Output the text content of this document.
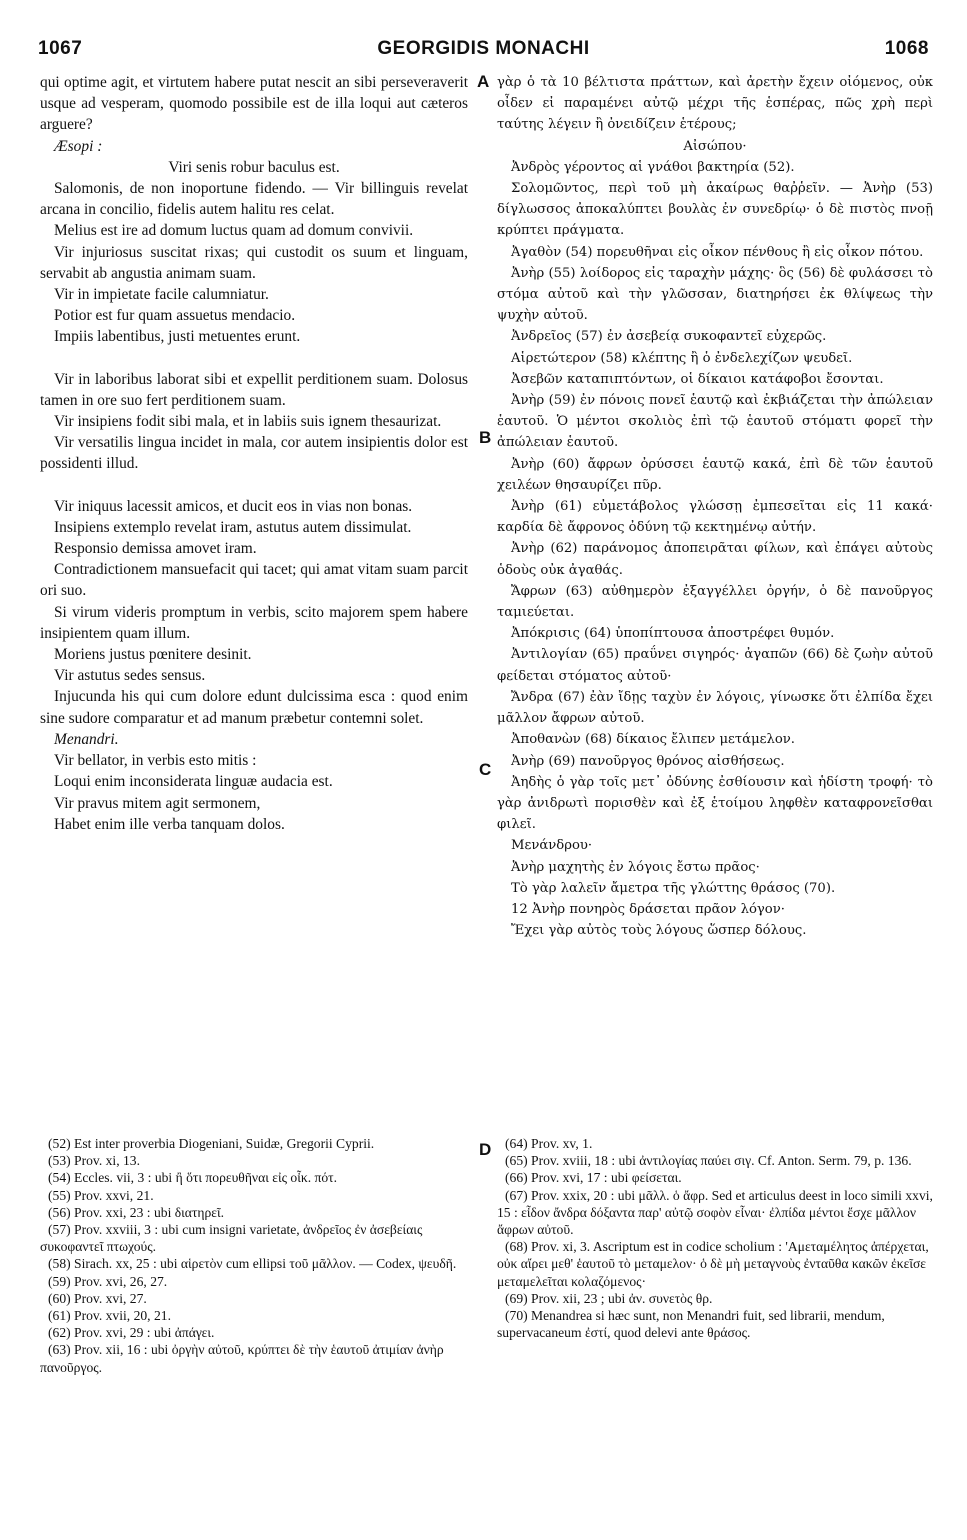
1067	GEORGIDIS MONACHI	1068
A
B
C
D

qui optime agit, et virtutem habere putat nescit an sibi perseveraverit usque ad vesperam, quomodo possibile est de illa loqui aut cæteros arguere?

Æsopi :

Viri senis robur baculus est.

Salomonis, de non inoportune fidendo. — Vir billinguis revelat arcana in concilio, fidelis autem halitu res celat.

Melius est ire ad domum luctus quam ad domum convivii.

Vir injuriosus suscitat rixas; qui custodit os suum et linguam, servabit ab angustia animam suam.

Vir in impietate facile calumniatur.

Potior est fur quam assuetus mendacio.

Impiis labentibus, justi metuentes erunt.

Vir in laboribus laborat sibi et expellit perditionem suam. Dolosus tamen in ore suo fert perditionem suam.

Vir insipiens fodit sibi mala, et in labiis suis ignem thesaurizat.

Vir versatilis lingua incidet in mala, cor autem insipientis dolor est possidenti illud.

Vir iniquus lacessit amicos, et ducit eos in vias non bonas.

Insipiens extemplo revelat iram, astutus autem dissimulat.

Responsio demissa amovet iram.

Contradictionem mansuefacit qui tacet; qui amat vitam suam parcit ori suo.

Si virum videris promptum in verbis, scito majorem spem habere insipientem quam illum.

Moriens justus pœnitere desinit.

Vir astutus sedes sensus.

Injucunda his qui cum dolore edunt dulcissima esca : quod enim sine sudore comparatur et ad manum præbetur contemni solet.

Menandri.

Vir bellator, in verbis esto mitis :

Loqui enim inconsiderata linguæ audacia est.

Vir pravus mitem agit sermonem,

Habet enim ille verba tanquam dolos.

γὰρ ὁ τὰ 10 βέλτιστα πράττων, καὶ ἀρετὴν ἔχειν οἰόμενος, οὐκ οἶδεν εἰ παραμένει αὐτῷ μέχρι τῆς ἑσπέρας, πῶς χρὴ περὶ ταύτης λέγειν ἢ ὀνειδίζειν ἑτέρους;

Αἰσώπου·

Ἀνδρὸς γέροντος αἱ γνάθοι βακτηρία (52).

Σολομῶντος, περὶ τοῦ μὴ ἀκαίρως θαῤῥεῖν. — Ἀνὴρ (53) δίγλωσσος ἀποκαλύπτει βουλὰς ἐν συνεδρίῳ· ὁ δὲ πιστὸς πνοῇ κρύπτει πράγματα.

Ἀγαθὸν (54) πορευθῆναι εἰς οἶκον πένθους ἢ εἰς οἶκον πότου.

Ἀνὴρ (55) λοίδορος εἰς ταραχὴν μάχης· ὃς (56) δὲ φυλάσσει τὸ στόμα αὐτοῦ καὶ τὴν γλῶσσαν, διατηρήσει ἐκ θλίψεως τὴν ψυχὴν αὐτοῦ.

Ἀνδρεῖος (57) ἐν ἀσεβείᾳ συκοφαντεῖ εὐχερῶς.

Αἱρετώτερον (58) κλέπτης ἢ ὁ ἐνδελεχίζων ψευδεῖ.

Ἀσεβῶν καταπιπτόντων, οἱ δίκαιοι κατάφοβοι ἔσονται.

Ἀνὴρ (59) ἐν πόνοις πονεῖ ἑαυτῷ καὶ ἐκβιάζεται τὴν ἀπώλειαν ἑαυτοῦ. Ὁ μέντοι σκολιὸς ἐπὶ τῷ ἑαυτοῦ στόματι φορεῖ τὴν ἀπώλειαν ἑαυτοῦ.

Ἀνὴρ (60) ἄφρων ὀρύσσει ἑαυτῷ κακά, ἐπὶ δὲ τῶν ἑαυτοῦ χειλέων θησαυρίζει πῦρ.

Ἀνὴρ (61) εὐμετάβολος γλώσσῃ ἐμπεσεῖται εἰς 11 κακά· καρδία δὲ ἄφρονος ὀδύνη τῷ κεκτημένῳ αὐτήν.

Ἀνὴρ (62) παράνομος ἀποπειρᾶται φίλων, καὶ ἐπάγει αὐτοὺς ὁδοὺς οὐκ ἀγαθάς.

Ἄφρων (63) αὐθημερὸν ἐξαγγέλλει ὀργήν, ὁ δὲ πανοῦργος ταμιεύεται.

Ἀπόκρισις (64) ὑποπίπτουσα ἀποστρέφει θυμόν.

Ἀντιλογίαν (65) πραΰνει σιγηρός· ἀγαπῶν (66) δὲ ζωὴν αὐτοῦ φείδεται στόματος αὐτοῦ·

Ἄνδρα (67) ἐὰν ἴδῃς ταχὺν ἐν λόγοις, γίνωσκε ὅτι ἐλπίδα ἔχει μᾶλλον ἄφρων αὐτοῦ.

Ἀποθανὼν (68) δίκαιος ἔλιπεν μετάμελον.

Ἀνὴρ (69) πανοῦργος θρόνος αἰσθήσεως.

Ἀηδὴς ὁ γὰρ τοῖς μετ᾽ ὀδύνης ἐσθίουσιν καὶ ἡδίστη τροφή· τὸ γὰρ ἀνιδρωτὶ πορισθὲν καὶ ἐξ ἑτοίμου ληφθὲν καταφρονεῖσθαι φιλεῖ.

Μενάνδρου·

Ἀνὴρ μαχητὴς ἐν λόγοις ἔστω πρᾶος·

Τὸ γὰρ λαλεῖν ἄμετρα τῆς γλώττης θράσος (70).

12 Ἀνὴρ πονηρὸς δράσεται πρᾶον λόγον·

Ἔχει γὰρ αὐτὸς τοὺς λόγους ὥσπερ δόλους.

(52) Est inter proverbia Diogeniani, Suidæ, Gregorii Cyprii.

(53) Prov. xi, 13.

(54) Eccles. vii, 3 : ubi ἢ ὅτι πορευθῆναι εἰς οἶκ. πότ.

(55) Prov. xxvi, 21.

(56) Prov. xxi, 23 : ubi διατηρεῖ.

(57) Prov. xxviii, 3 : ubi cum insigni varietate, ἀνδρεῖος ἐν ἀσεβείαις συκοφαντεῖ πτωχούς.

(58) Sirach. xx, 25 : ubi αἱρετὸν cum ellipsi τοῦ μᾶλλον. — Codex, ψευδῆ.

(59) Prov. xvi, 26, 27.

(60) Prov. xvi, 27.

(61) Prov. xvii, 20, 21.

(62) Prov. xvi, 29 : ubi ἀπάγει.

(63) Prov. xii, 16 : ubi ὀργὴν αὐτοῦ, κρύπτει δὲ τὴν ἑαυτοῦ ἀτιμίαν ἀνὴρ πανοῦργος.

(64) Prov. xv, 1.

(65) Prov. xviii, 18 : ubi ἀντιλογίας παύει σιγ. Cf. Anton. Serm. 79, p. 136.

(66) Prov. xvi, 17 : ubi φείσεται.

(67) Prov. xxix, 20 : ubi μᾶλλ. ὁ ἄφρ. Sed et articulus deest in loco simili xxvi, 15 : εἶδον ἄνδρα δόξαντα παρ' αὐτῷ σοφὸν εἶναι· ἐλπίδα μέντοι ἔσχε μᾶλλον ἄφρων αὐτοῦ.

(68) Prov. xi, 3. Ascriptum est in codice scholium : 'Αμεταμέλητος ἀπέρχεται, οὐκ αἴρει μεθ' ἑαυτοῦ τὸ μεταμελον· ὁ δὲ μὴ μεταγνοὺς ἐνταῦθα κακῶν ἐκεῖσε μεταμελεῖται κολαζόμενος·

(69) Prov. xii, 23 ; ubi ἀν. συνετὸς θρ.

(70) Menandrea si hæc sunt, non Menandri fuit, sed librarii, mendum, supervacaneum ἐστί, quod delevi ante θράσος.
